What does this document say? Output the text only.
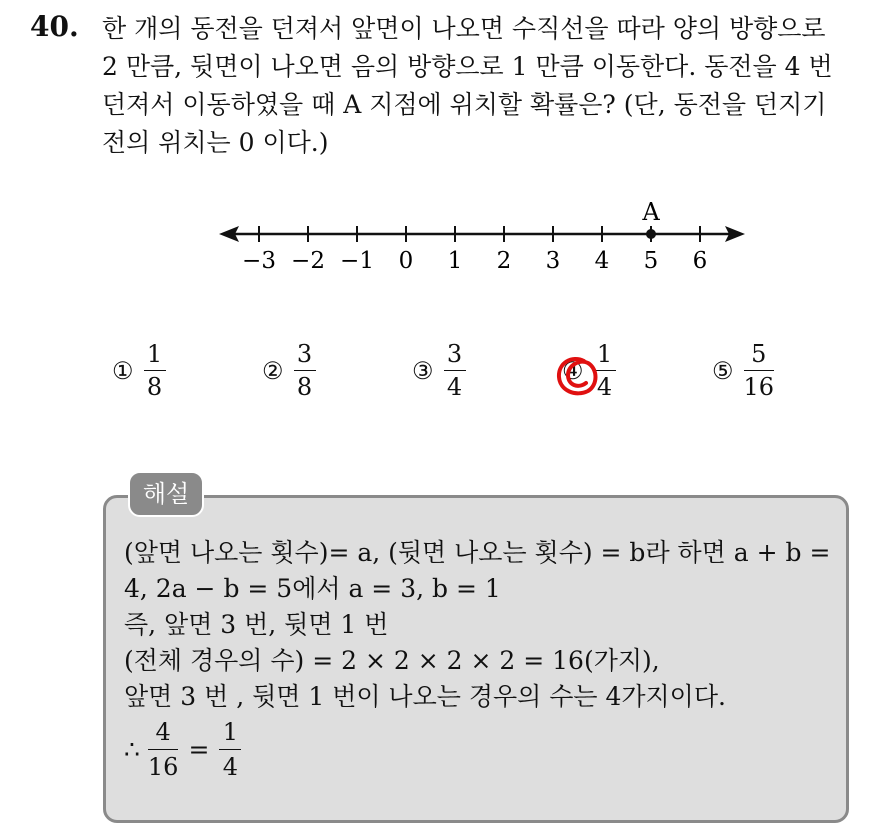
40. 한 개의 동전을 던져서 앞면이 나오면 수직선을 따라 양의 방향으로
2 만큼, 뒷면이 나오면 음의 방향으로 1 만큼 이동한다. 동전을 4 번
던져서 이동하였을 때 A 지점에 위치할 확률은? (단, 동전을 던지기
전의 위치는 0 이다.)
−3 −2 −1 0 1 2 3 4 5 6
A
① $\frac{1}{8}$	② $\frac{3}{8}$	③ $\frac{3}{4}$	④ $\frac{1}{4}$	⑤ $\frac{5}{16}$
해설
(앞면 나오는 횟수)= a, (뒷면 나오는 횟수) = b라 하면 a + b =
4, 2a − b = 5에서 a = 3, b = 1
즉, 앞면 3 번, 뒷면 1 번
(전체 경우의 수) = 2 × 2 × 2 × 2 = 16(가지),
앞면 3 번 , 뒷면 1 번이 나오는 경우의 수는 4가지이다.
∴ $\frac{4}{16} = \frac{1}{4}$
